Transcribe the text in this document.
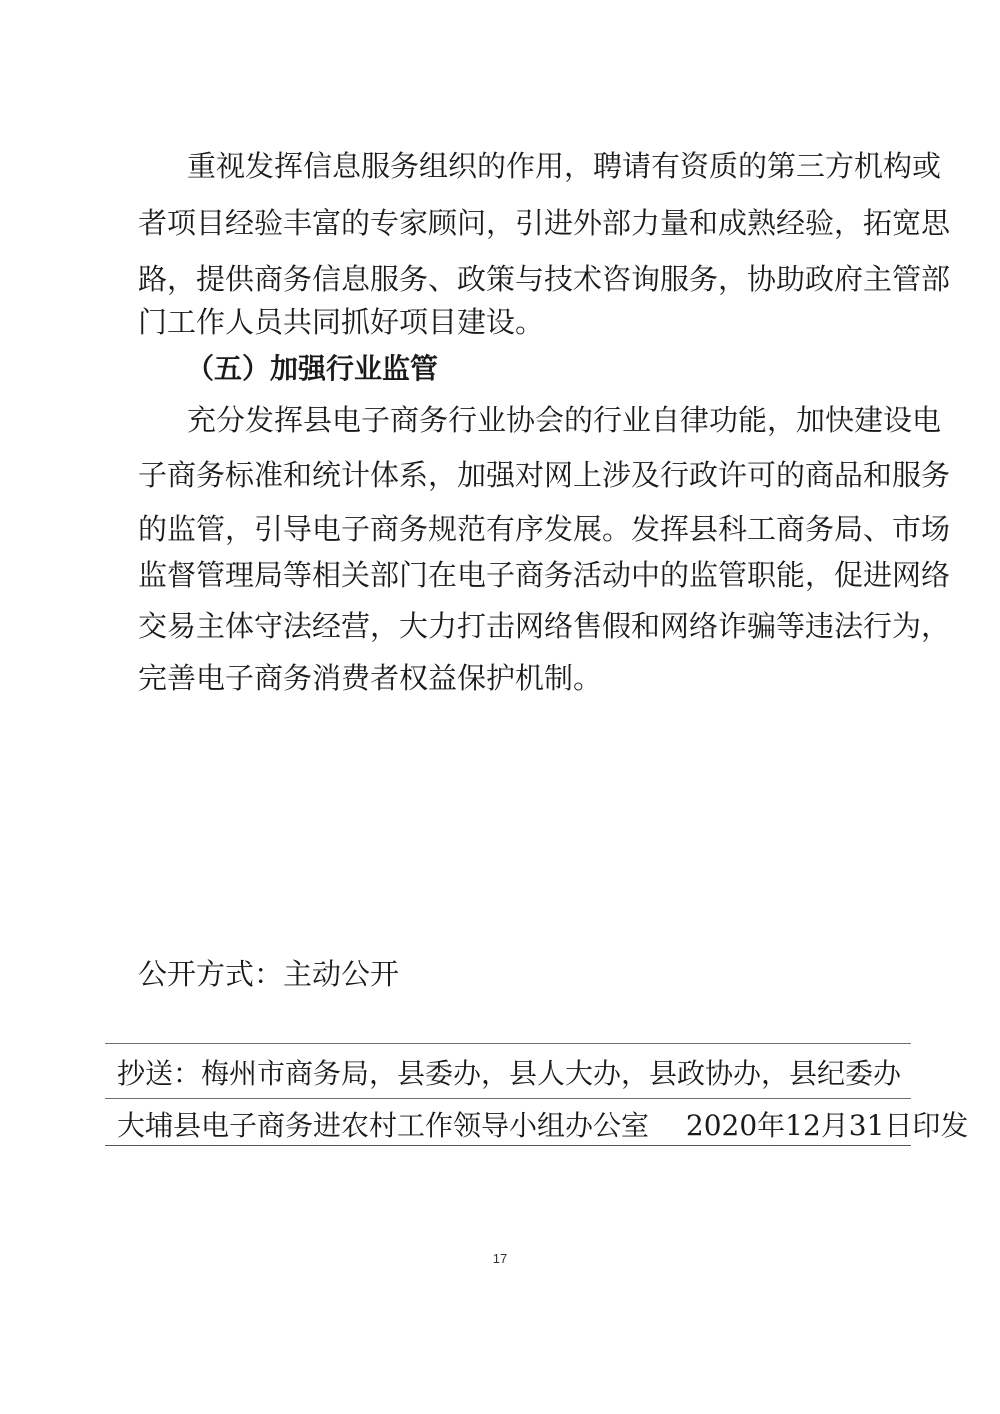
重视发挥信息服务组织的作用，聘请有资质的第三方机构或
者项目经验丰富的专家顾问，引进外部力量和成熟经验，拓宽思
路，提供商务信息服务、政策与技术咨询服务，协助政府主管部
门工作人员共同抓好项目建设。
（五）加强行业监管
充分发挥县电子商务行业协会的行业自律功能，加快建设电
子商务标准和统计体系，加强对网上涉及行政许可的商品和服务
的监管，引导电子商务规范有序发展。发挥县科工商务局、市场
监督管理局等相关部门在电子商务活动中的监管职能，促进网络
交易主体守法经营，大力打击网络售假和网络诈骗等违法行为，
完善电子商务消费者权益保护机制。
公开方式：主动公开
抄送：梅州市商务局，县委办，县人大办，县政协办，县纪委办
大埔县电子商务进农村工作领导小组办公室　 2020年12月31日印发
17
